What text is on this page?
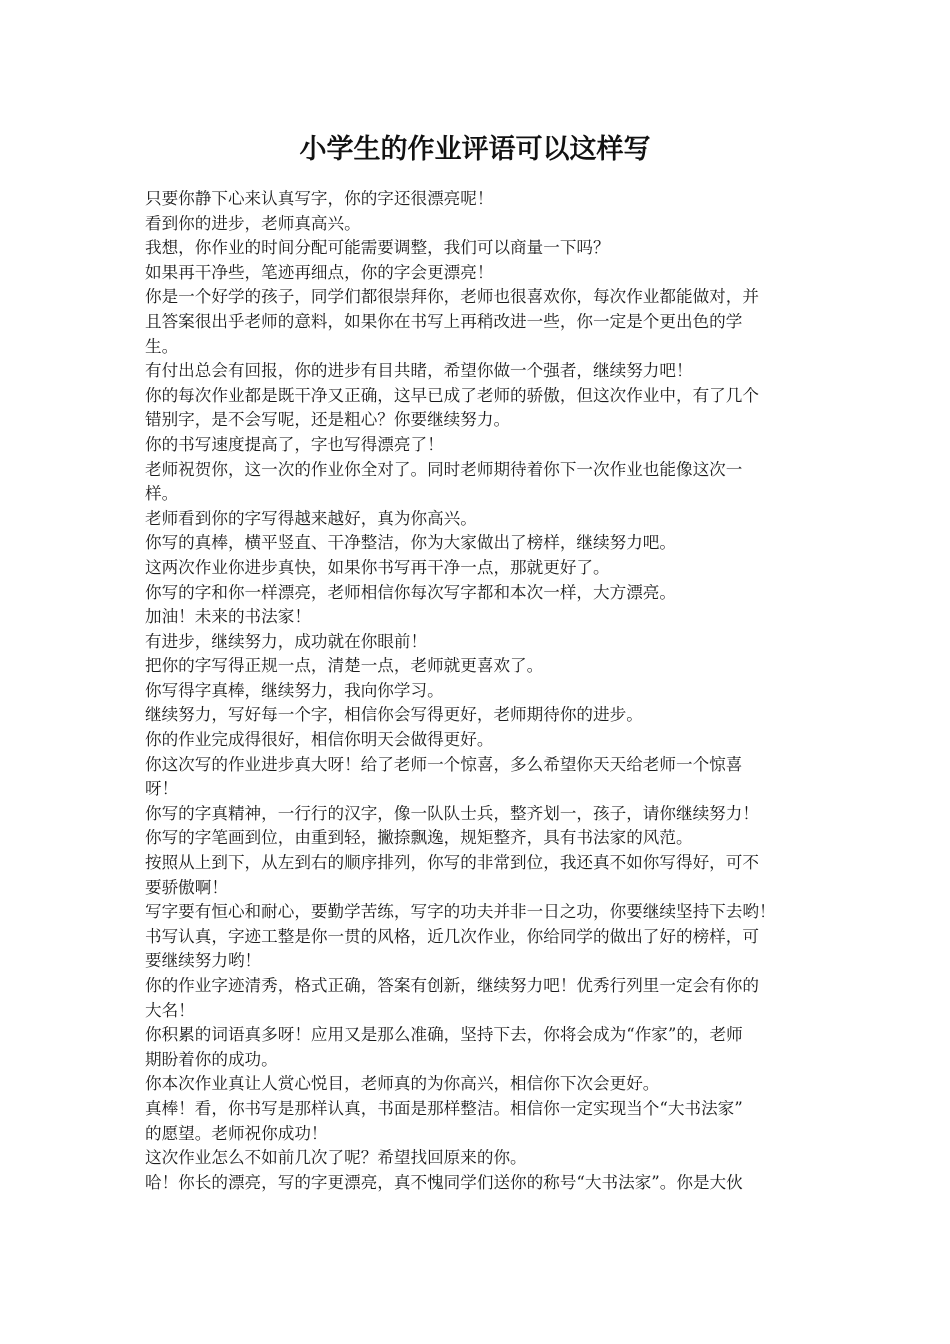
小学生的作业评语可以这样写

只要你静下心来认真写字，你的字还很漂亮呢！

看到你的进步，老师真高兴。

我想，你作业的时间分配可能需要调整，我们可以商量一下吗？

如果再干净些，笔迹再细点，你的字会更漂亮！

你是一个好学的孩子，同学们都很崇拜你，老师也很喜欢你，每次作业都能做对，并

且答案很出乎老师的意料，如果你在书写上再稍改进一些，你一定是个更出色的学

生。

有付出总会有回报，你的进步有目共睹，希望你做一个强者，继续努力吧！

你的每次作业都是既干净又正确，这早已成了老师的骄傲，但这次作业中，有了几个

错别字，是不会写呢，还是粗心？你要继续努力。

你的书写速度提高了，字也写得漂亮了！

老师祝贺你，这一次的作业你全对了。同时老师期待着你下一次作业也能像这次一

样。

老师看到你的字写得越来越好，真为你高兴。

你写的真棒，横平竖直、干净整洁，你为大家做出了榜样，继续努力吧。

这两次作业你进步真快，如果你书写再干净一点，那就更好了。

你写的字和你一样漂亮，老师相信你每次写字都和本次一样，大方漂亮。

加油！未来的书法家！

有进步，继续努力，成功就在你眼前！

把你的字写得正规一点，清楚一点，老师就更喜欢了。

你写得字真棒，继续努力，我向你学习。

继续努力，写好每一个字，相信你会写得更好，老师期待你的进步。

你的作业完成得很好，相信你明天会做得更好。

你这次写的作业进步真大呀！给了老师一个惊喜，多么希望你天天给老师一个惊喜

呀！

你写的字真精神，一行行的汉字，像一队队士兵，整齐划一，孩子，请你继续努力！

你写的字笔画到位，由重到轻，撇捺飘逸，规矩整齐，具有书法家的风范。

按照从上到下，从左到右的顺序排列，你写的非常到位，我还真不如你写得好，可不

要骄傲啊！

写字要有恒心和耐心，要勤学苦练，写字的功夫并非一日之功，你要继续坚持下去哟！

书写认真，字迹工整是你一贯的风格，近几次作业，你给同学的做出了好的榜样，可

要继续努力哟！

你的作业字迹清秀，格式正确，答案有创新，继续努力吧！优秀行列里一定会有你的

大名！

你积累的词语真多呀！应用又是那么准确，坚持下去，你将会成为“作家”的，老师

期盼着你的成功。

你本次作业真让人赏心悦目，老师真的为你高兴，相信你下次会更好。

真棒！看，你书写是那样认真，书面是那样整洁。相信你一定实现当个“大书法家”

的愿望。老师祝你成功！

这次作业怎么不如前几次了呢？希望找回原来的你。

哈！你长的漂亮，写的字更漂亮，真不愧同学们送你的称号“大书法家”。你是大伙
